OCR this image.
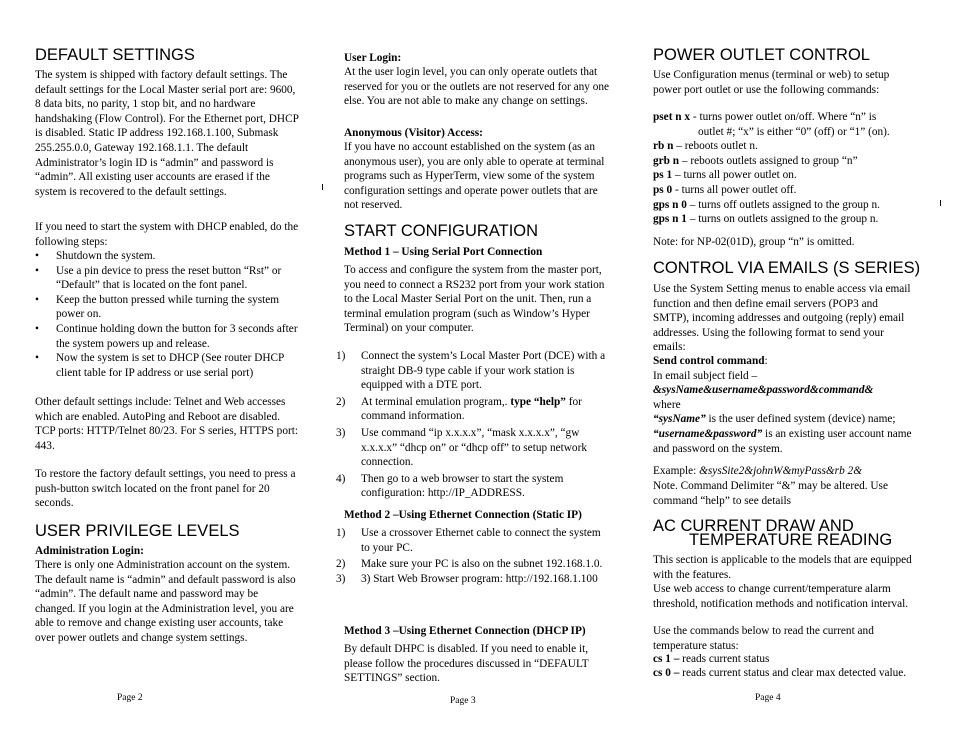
DEFAULT SETTINGS

The system is shipped with factory default settings. The default settings for the Local Master serial port are: 9600, 8 data bits, no parity, 1 stop bit, and no hardware handshaking (Flow Control). For the Ethernet port, DHCP is disabled. Static IP address 192.168.1.100, Submask 255.255.0.0, Gateway 192.168.1.1. The default Administrator’s login ID is “admin” and password is “admin”. All existing user accounts are erased if the system is recovered to the default settings.

If you need to start the system with DHCP enabled, do the following steps:

• Shutdown the system.
• Use a pin device to press the reset button “Rst” or “Default” that is located on the font panel.
• Keep the button pressed while turning the system power on.
• Continue holding down the button for 3 seconds after the system powers up and release.
• Now the system is set to DHCP (See router DHCP client table for IP address or use serial port)

Other default settings include: Telnet and Web accesses which are enabled. AutoPing and Reboot are disabled. TCP ports: HTTP/Telnet 80/23. For S series, HTTPS port: 443.

To restore the factory default settings, you need to press a push-button switch located on the front panel for 20 seconds.

USER PRIVILEGE LEVELS

Administration Login:

There is only one Administration account on the system. The default name is “admin” and default password is also “admin”. The default name and password may be changed. If you login at the Administration level, you are able to remove and change existing user accounts, take over power outlets and change system settings.

Page 2

User Login:

At the user login level, you can only operate outlets that reserved for you or the outlets are not reserved for any one else. You are not able to make any change on settings.

Anonymous (Visitor) Access:

If you have no account established on the system (as an anonymous user), you are only able to operate at terminal programs such as HyperTerm, view some of the system configuration settings and operate power outlets that are not reserved.

START CONFIGURATION

Method 1 – Using Serial Port Connection

To access and configure the system from the master port, you need to connect a RS232 port from your work station to the Local Master Serial Port on the unit. Then, run a terminal emulation program (such as Window’s Hyper Terminal) on your computer.

1) Connect the system’s Local Master Port (DCE) with a straight DB-9 type cable if your work station is equipped with a DTE port.
2) At terminal emulation program,. type “help” for command information.
3) Use command “ip x.x.x.x”, “mask x.x.x.x”, “gw x.x.x.x” “dhcp on” or “dhcp off” to setup network connection.
4) Then go to a web browser to start the system configuration: http://IP_ADDRESS.

Method 2 –Using Ethernet Connection (Static IP)

1) Use a crossover Ethernet cable to connect the system to your PC.
2) Make sure your PC is also on the subnet 192.168.1.0.
3) 3) Start Web Browser program: http://192.168.1.100

Method 3 –Using Ethernet Connection (DHCP IP)

By default DHPC is disabled. If you need to enable it, please follow the procedures discussed in “DEFAULT SETTINGS” section.

Page 3
POWER OUTLET CONTROL

Use Configuration menus (terminal or web) to setup power port outlet or use the following commands:

pset n x - turns power outlet on/off. Where “n” is
outlet #; “x” is either “0” (off) or “1” (on).
rb n – reboots outlet n.
grb n – reboots outlets assigned to group “n”
ps 1 – turns all power outlet on.
ps 0 - turns all power outlet off.
gps n 0 – turns off outlets assigned to the group n.
gps n 1 – turns on outlets assigned to the group n.

Note: for NP-02(01D), group “n” is omitted.

CONTROL VIA EMAILS (S SERIES)

Use the System Setting menus to enable access via email function and then define email servers (POP3 and SMTP), incoming addresses and outgoing (reply) email addresses. Using the following format to send your emails:

Send control command:
In email subject field –
&sysName&username&password&command&
where
“sysName” is the user defined system (device) name;
“username&password” is an existing user account name and password on the system.

Example: &sysSite2&johnW&myPass&rb 2&

Note. Command Delimiter “&” may be altered. Use command “help” to see details

AC CURRENT DRAW AND
TEMPERATURE READING

This section is applicable to the models that are equipped with the features.

Use web access to change current/temperature alarm threshold, notification methods and notification interval.

Use the commands below to read the current and temperature status:

cs 1 – reads current status

cs 0 – reads current status and clear max detected value.

Page 4
